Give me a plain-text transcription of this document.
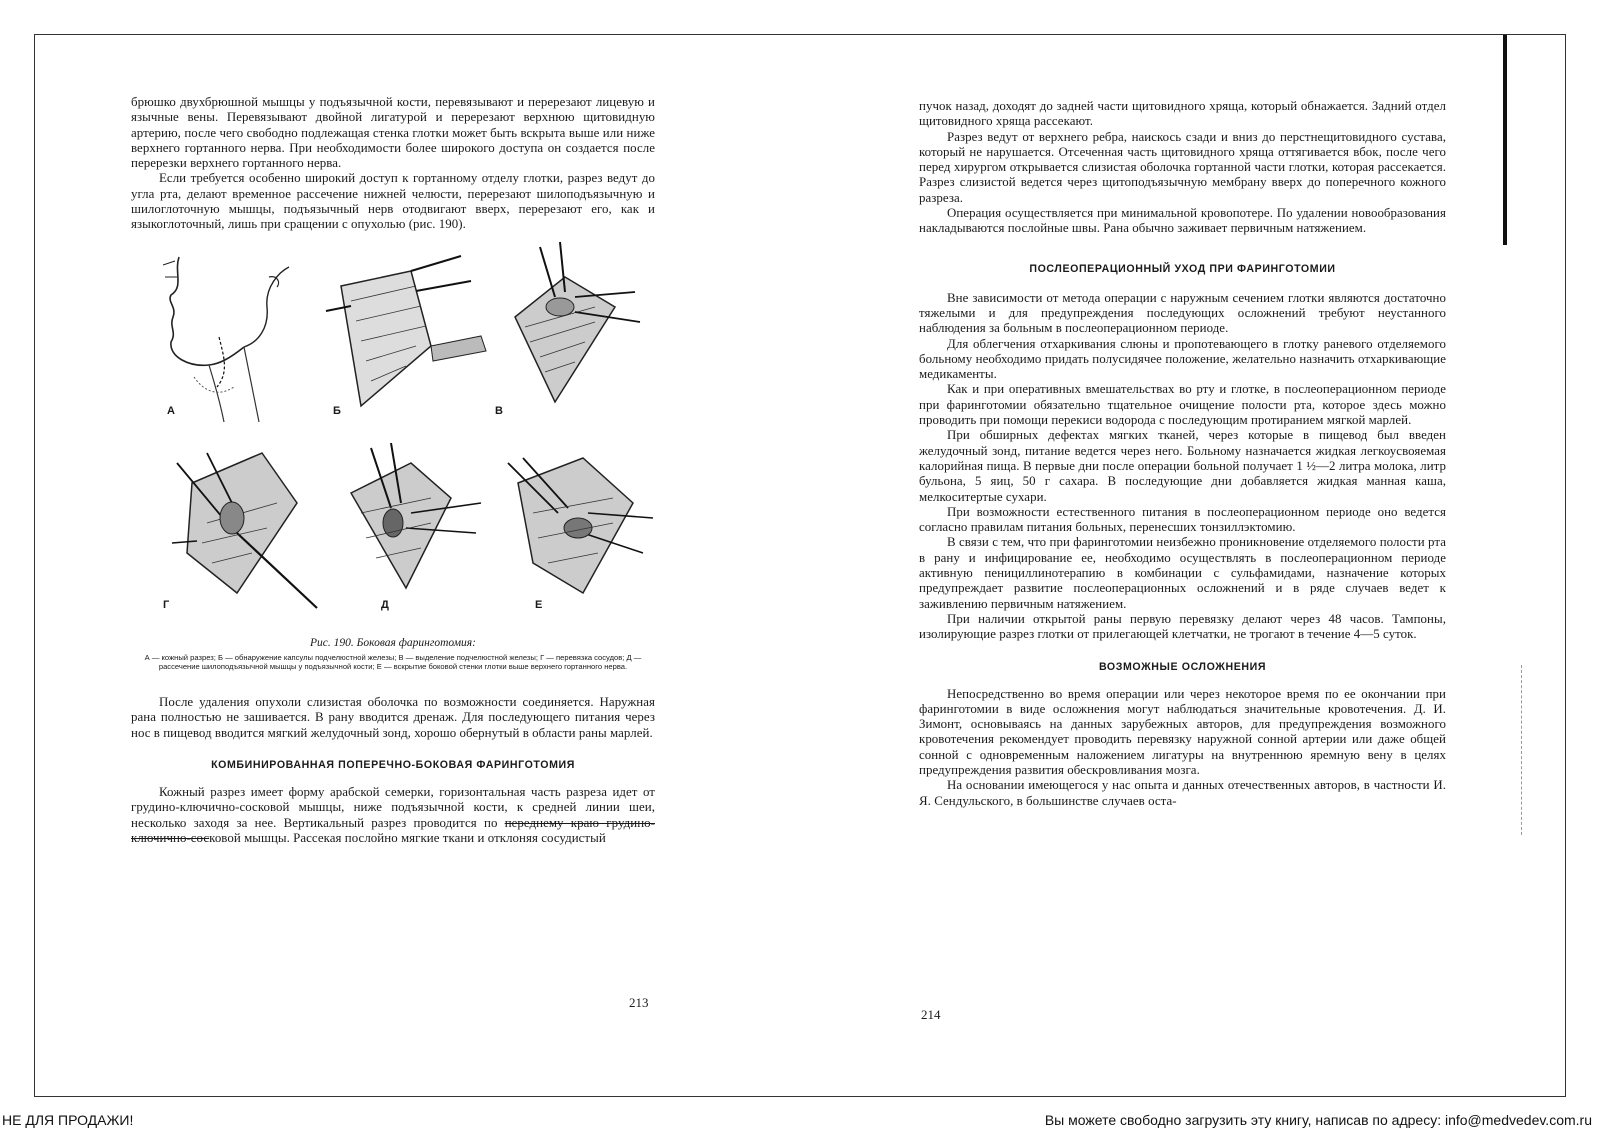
брюшко двухбрюшной мышцы у подъязычной кости, перевязывают и перерезают лицевую и язычные вены. Перевязывают двойной лигатурой и перерезают верхнюю щитовидную артерию, после чего свободно подлежащая стенка глотки может быть вскрыта выше или ниже верхнего гортанного нерва. При необходимости более широкого доступа он создается после перерезки верхнего гортанного нерва.

Если требуется особенно широкий доступ к гортанному отделу глотки, разрез ведут до угла рта, делают временное рассечение нижней челюсти, перерезают шилоподъязычную и шилоглоточную мышцы, подъязычный нерв отодвигают вверх, перерезают его, как и языкоглоточный, лишь при сращении с опухолью (рис. 190).

А	Б	В
Г	Д	Е

Рис. 190. Боковая фаринготомия:

А — кожный разрез; Б — обнаружение капсулы подчелюстной железы; В — выделение подчелюстной железы; Г — перевязка сосудов; Д — рассечение шилоподъязычной мышцы у подъязычной кости; Е — вскрытие боковой стенки глотки выше верхнего гортанного нерва.

После удаления опухоли слизистая оболочка по возможности соединяется. Наружная рана полностью не зашивается. В рану вводится дренаж. Для последующего питания через нос в пищевод вводится мягкий желудочный зонд, хорошо обернутый в области раны марлей.

КОМБИНИРОВАННАЯ ПОПЕРЕЧНО-БОКОВАЯ ФАРИНГОТОМИЯ

Кожный разрез имеет форму арабской семерки, горизонтальная часть разреза идет от грудино-ключично-сосковой мышцы, ниже подъязычной кости, к средней линии шеи, несколько заходя за нее. Вертикальный разрез проводится по переднему краю грудино-ключично-сосковой мышцы. Рассекая послойно мягкие ткани и отклоняя сосудистый

213

пучок назад, доходят до задней части щитовидного хряща, который обнажается. Задний отдел щитовидного хряща рассекают.

Разрез ведут от верхнего ребра, наискось сзади и вниз до перстнещитовидного сустава, который не нарушается. Отсеченная часть щитовидного хряща оттягивается вбок, после чего перед хирургом открывается слизистая оболочка гортанной части глотки, которая рассекается. Разрез слизистой ведется через щитоподъязычную мембрану вверх до поперечного кожного разреза.

Операция осуществляется при минимальной кровопотере. По удалении новообразования накладываются послойные швы. Рана обычно заживает первичным натяжением.

ПОСЛЕОПЕРАЦИОННЫЙ УХОД ПРИ ФАРИНГОТОМИИ

Вне зависимости от метода операции с наружным сечением глотки являются достаточно тяжелыми и для предупреждения последующих осложнений требуют неустанного наблюдения за больным в послеоперационном периоде.

Для облегчения отхаркивания слюны и пропотевающего в глотку раневого отделяемого больному необходимо придать полусидячее положение, желательно назначить отхаркивающие медикаменты.

Как и при оперативных вмешательствах во рту и глотке, в послеоперационном периоде при фаринготомии обязательно тщательное очищение полости рта, которое здесь можно проводить при помощи перекиси водорода с последующим протиранием мягкой марлей.

При обширных дефектах мягких тканей, через которые в пищевод был введен желудочный зонд, питание ведется через него. Больному назначается жидкая легкоусвояемая калорийная пища. В первые дни после операции больной получает 1 ½—2 литра молока, литр бульона, 5 яиц, 50 г сахара. В последующие дни добавляется жидкая манная каша, мелкоситертые сухари.

При возможности естественного питания в послеоперационном периоде оно ведется согласно правилам питания больных, перенесших тонзиллэктомию.

В связи с тем, что при фаринготомии неизбежно проникновение отделяемого полости рта в рану и инфицирование ее, необходимо осуществлять в послеоперационном периоде активную пенициллинотерапию в комбинации с сульфамидами, назначение которых предупреждает развитие послеоперационных осложнений и в ряде случаев ведет к заживлению первичным натяжением.

При наличии открытой раны первую перевязку делают через 48 часов. Тампоны, изолирующие разрез глотки от прилегающей клетчатки, не трогают в течение 4—5 суток.

ВОЗМОЖНЫЕ ОСЛОЖНЕНИЯ

Непосредственно во время операции или через некоторое время по ее окончании при фаринготомии в виде осложнения могут наблюдаться значительные кровотечения. Д. И. Зимонт, основываясь на данных зарубежных авторов, для предупреждения возможного кровотечения рекомендует проводить перевязку наружной сонной артерии или даже общей сонной с одновременным наложением лигатуры на внутреннюю яремную вену в целях предупреждения развития обескровливания мозга.

На основании имеющегося у нас опыта и данных отечественных авторов, в частности И. Я. Сендульского, в большинстве случаев оста-

214
НЕ ДЛЯ ПРОДАЖИ!	Вы можете свободно загрузить эту книгу, написав по адресу: info@medvedev.com.ru
